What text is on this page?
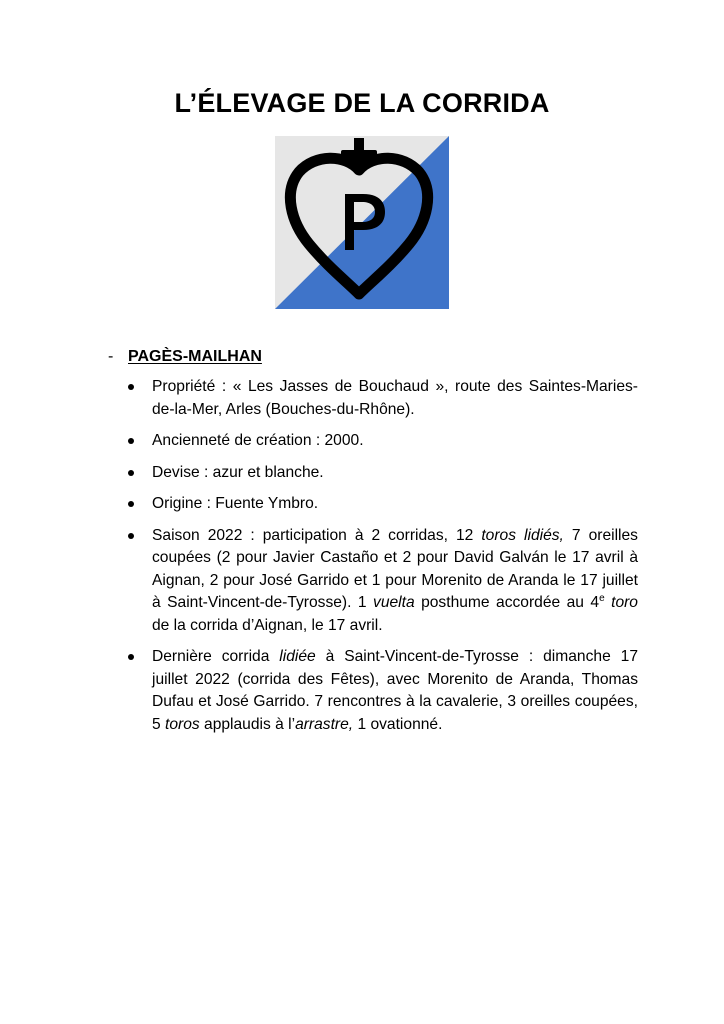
L’ÉLEVAGE DE LA CORRIDA
- PAGÈS-MAILHAN
Propriété : « Les Jasses de Bouchaud », route des Saintes-Maries-de-la-Mer, Arles (Bouches-du-Rhône).
Ancienneté de création : 2000.
Devise : azur et blanche.
Origine : Fuente Ymbro.
Saison 2022 : participation à 2 corridas, 12 toros lidiés, 7 oreilles coupées (2 pour Javier Castaño et 2 pour David Galván le 17 avril à Aignan, 2 pour José Garrido et 1 pour Morenito de Aranda le 17 juillet à Saint-Vincent-de-Tyrosse). 1 vuelta posthume accordée au 4e toro de la corrida d’Aignan, le 17 avril.
Dernière corrida lidiée à Saint-Vincent-de-Tyrosse : dimanche 17 juillet 2022 (corrida des Fêtes), avec Morenito de Aranda, Thomas Dufau et José Garrido. 7 rencontres à la cavalerie, 3 oreilles coupées, 5 toros applaudis à l’arrastre, 1 ovationné.
